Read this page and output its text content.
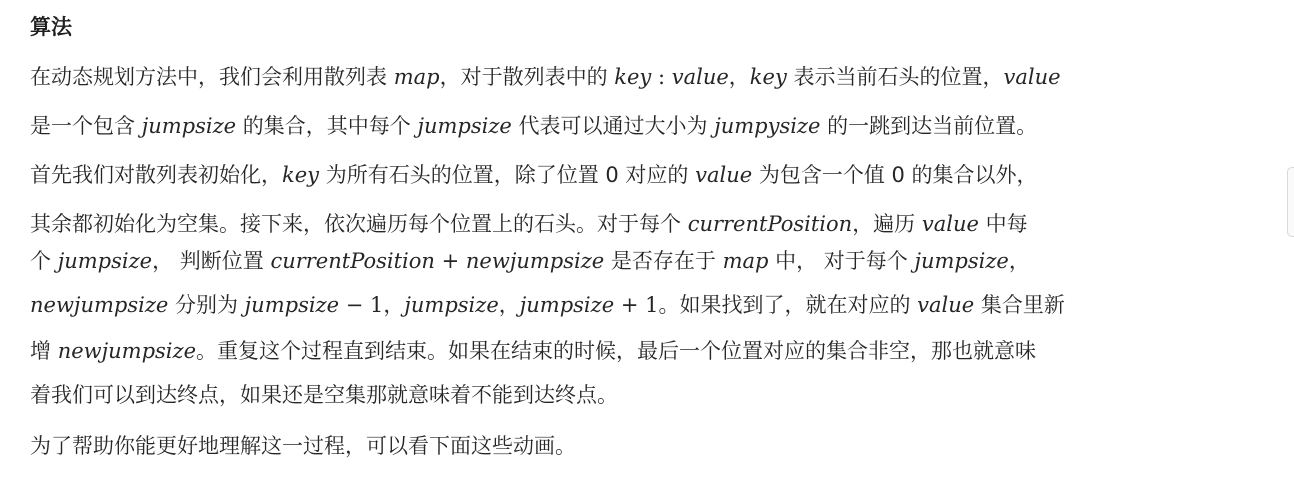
算法
在动态规划方法中，我们会利用散列表 map，对于散列表中的 key : value，key 表示当前石头的位置，value
是一个包含 jumpsize 的集合，其中每个 jumpsize 代表可以通过大小为 jumpysize 的一跳到达当前位置。
首先我们对散列表初始化，key 为所有石头的位置，除了位置 0 对应的 value 为包含一个值 0 的集合以外，
其余都初始化为空集。接下来，依次遍历每个位置上的石头。对于每个 currentPosition，遍历 value 中每
个 jumpsize， 判断位置 currentPosition + newjumpsize 是否存在于 map 中， 对于每个 jumpsize，
newjumpsize 分别为 jumpsize − 1，jumpsize，jumpsize + 1。如果找到了，就在对应的 value 集合里新
增 newjumpsize。重复这个过程直到结束。如果在结束的时候，最后一个位置对应的集合非空，那也就意味
着我们可以到达终点，如果还是空集那就意味着不能到达终点。
为了帮助你能更好地理解这一过程，可以看下面这些动画。
